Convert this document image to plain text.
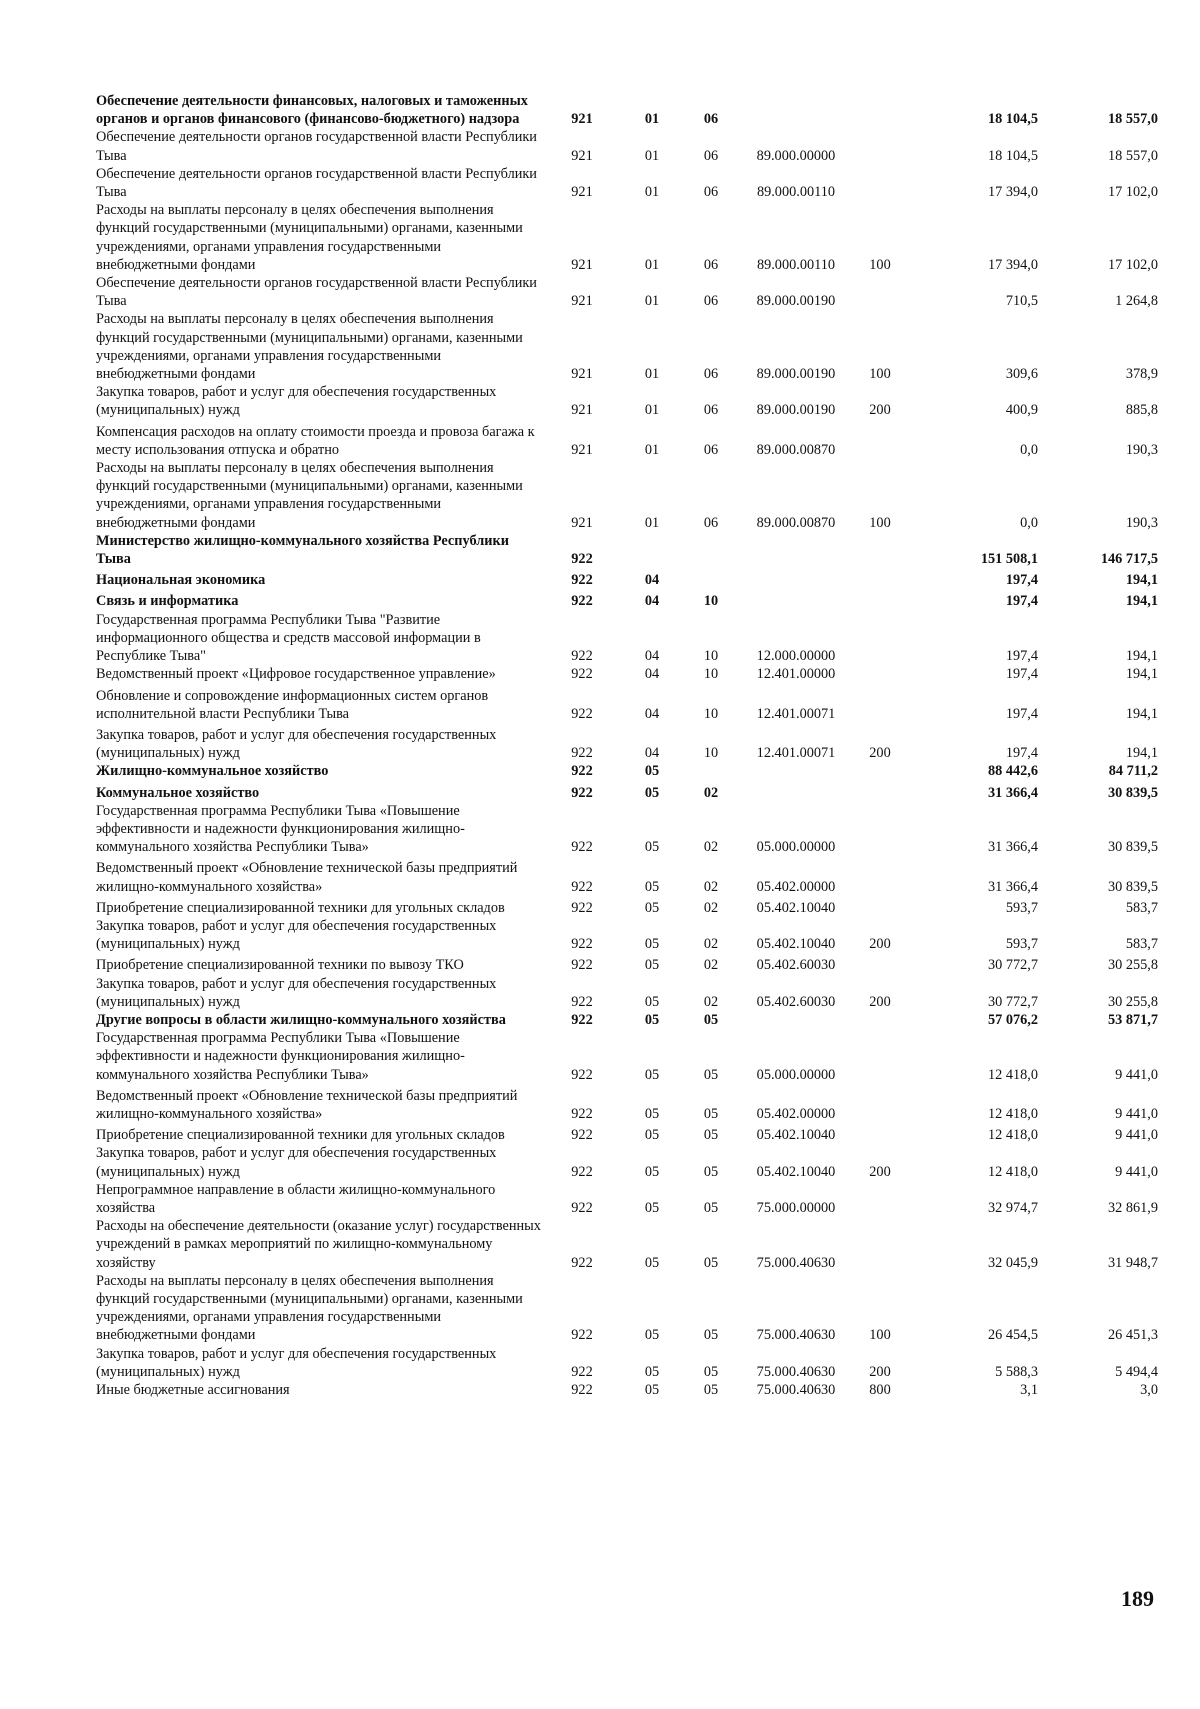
Обеспечение деятельности финансовых, налоговых и таможенных органов и органов финансового (финансово-бюджетного) надзора	921	01	06			18 104,5	18 557,0
Обеспечение деятельности органов государственной власти Республики Тыва	921	01	06	89.000.00000		18 104,5	18 557,0
Обеспечение деятельности органов государственной власти Республики Тыва	921	01	06	89.000.00110		17 394,0	17 102,0
Расходы на выплаты персоналу в целях обеспечения выполнения функций государственными (муниципальными) органами, казенными учреждениями, органами управления государственными внебюджетными фондами	921	01	06	89.000.00110	100	17 394,0	17 102,0
Обеспечение деятельности органов государственной власти Республики Тыва	921	01	06	89.000.00190		710,5	1 264,8
Расходы на выплаты персоналу в целях обеспечения выполнения функций государственными (муниципальными) органами, казенными учреждениями, органами управления государственными внебюджетными фондами	921	01	06	89.000.00190	100	309,6	378,9
Закупка товаров, работ и услуг для обеспечения государственных (муниципальных) нужд	921	01	06	89.000.00190	200	400,9	885,8
Компенсация расходов на оплату стоимости проезда и провоза багажа к месту использования отпуска и обратно	921	01	06	89.000.00870		0,0	190,3
Расходы на выплаты персоналу в целях обеспечения выполнения функций государственными (муниципальными) органами, казенными учреждениями, органами управления государственными внебюджетными фондами	921	01	06	89.000.00870	100	0,0	190,3
Министерство жилищно-коммунального хозяйства Республики Тыва	922					151 508,1	146 717,5
Национальная экономика	922	04				197,4	194,1
Связь и информатика	922	04	10			197,4	194,1
Государственная программа Республики Тыва "Развитие информационного общества и средств массовой информации в Республике Тыва"	922	04	10	12.000.00000		197,4	194,1
Ведомственный проект «Цифровое государственное управление»	922	04	10	12.401.00000		197,4	194,1
Обновление и сопровождение информационных систем органов исполнительной власти Республики Тыва	922	04	10	12.401.00071		197,4	194,1
Закупка товаров, работ и услуг для обеспечения государственных (муниципальных) нужд	922	04	10	12.401.00071	200	197,4	194,1
Жилищно-коммунальное хозяйство	922	05				88 442,6	84 711,2
Коммунальное хозяйство	922	05	02			31 366,4	30 839,5
Государственная программа Республики Тыва «Повышение эффективности и надежности функционирования жилищно-коммунального хозяйства Республики Тыва»	922	05	02	05.000.00000		31 366,4	30 839,5
Ведомственный проект «Обновление технической базы предприятий жилищно-коммунального хозяйства»	922	05	02	05.402.00000		31 366,4	30 839,5
Приобретение специализированной техники для угольных складов	922	05	02	05.402.10040		593,7	583,7
Закупка товаров, работ и услуг для обеспечения государственных (муниципальных) нужд	922	05	02	05.402.10040	200	593,7	583,7
Приобретение специализированной техники по вывозу ТКО	922	05	02	05.402.60030		30 772,7	30 255,8
Закупка товаров, работ и услуг для обеспечения государственных (муниципальных) нужд	922	05	02	05.402.60030	200	30 772,7	30 255,8
Другие вопросы в области жилищно-коммунального хозяйства	922	05	05			57 076,2	53 871,7
Государственная программа Республики Тыва «Повышение эффективности и надежности функционирования жилищно-коммунального хозяйства Республики Тыва»	922	05	05	05.000.00000		12 418,0	9 441,0
Ведомственный проект «Обновление технической базы предприятий жилищно-коммунального хозяйства»	922	05	05	05.402.00000		12 418,0	9 441,0
Приобретение специализированной техники для угольных складов	922	05	05	05.402.10040		12 418,0	9 441,0
Закупка товаров, работ и услуг для обеспечения государственных (муниципальных) нужд	922	05	05	05.402.10040	200	12 418,0	9 441,0
Непрограммное направление в области жилищно-коммунального хозяйства	922	05	05	75.000.00000		32 974,7	32 861,9
Расходы на обеспечение деятельности (оказание услуг) государственных учреждений в рамках мероприятий по жилищно-коммунальному хозяйству	922	05	05	75.000.40630		32 045,9	31 948,7
Расходы на выплаты персоналу в целях обеспечения выполнения функций государственными (муниципальными) органами, казенными учреждениями, органами управления государственными внебюджетными фондами	922	05	05	75.000.40630	100	26 454,5	26 451,3
Закупка товаров, работ и услуг для обеспечения государственных (муниципальных) нужд	922	05	05	75.000.40630	200	5 588,3	5 494,4
Иные бюджетные ассигнования	922	05	05	75.000.40630	800	3,1	3,0
189
